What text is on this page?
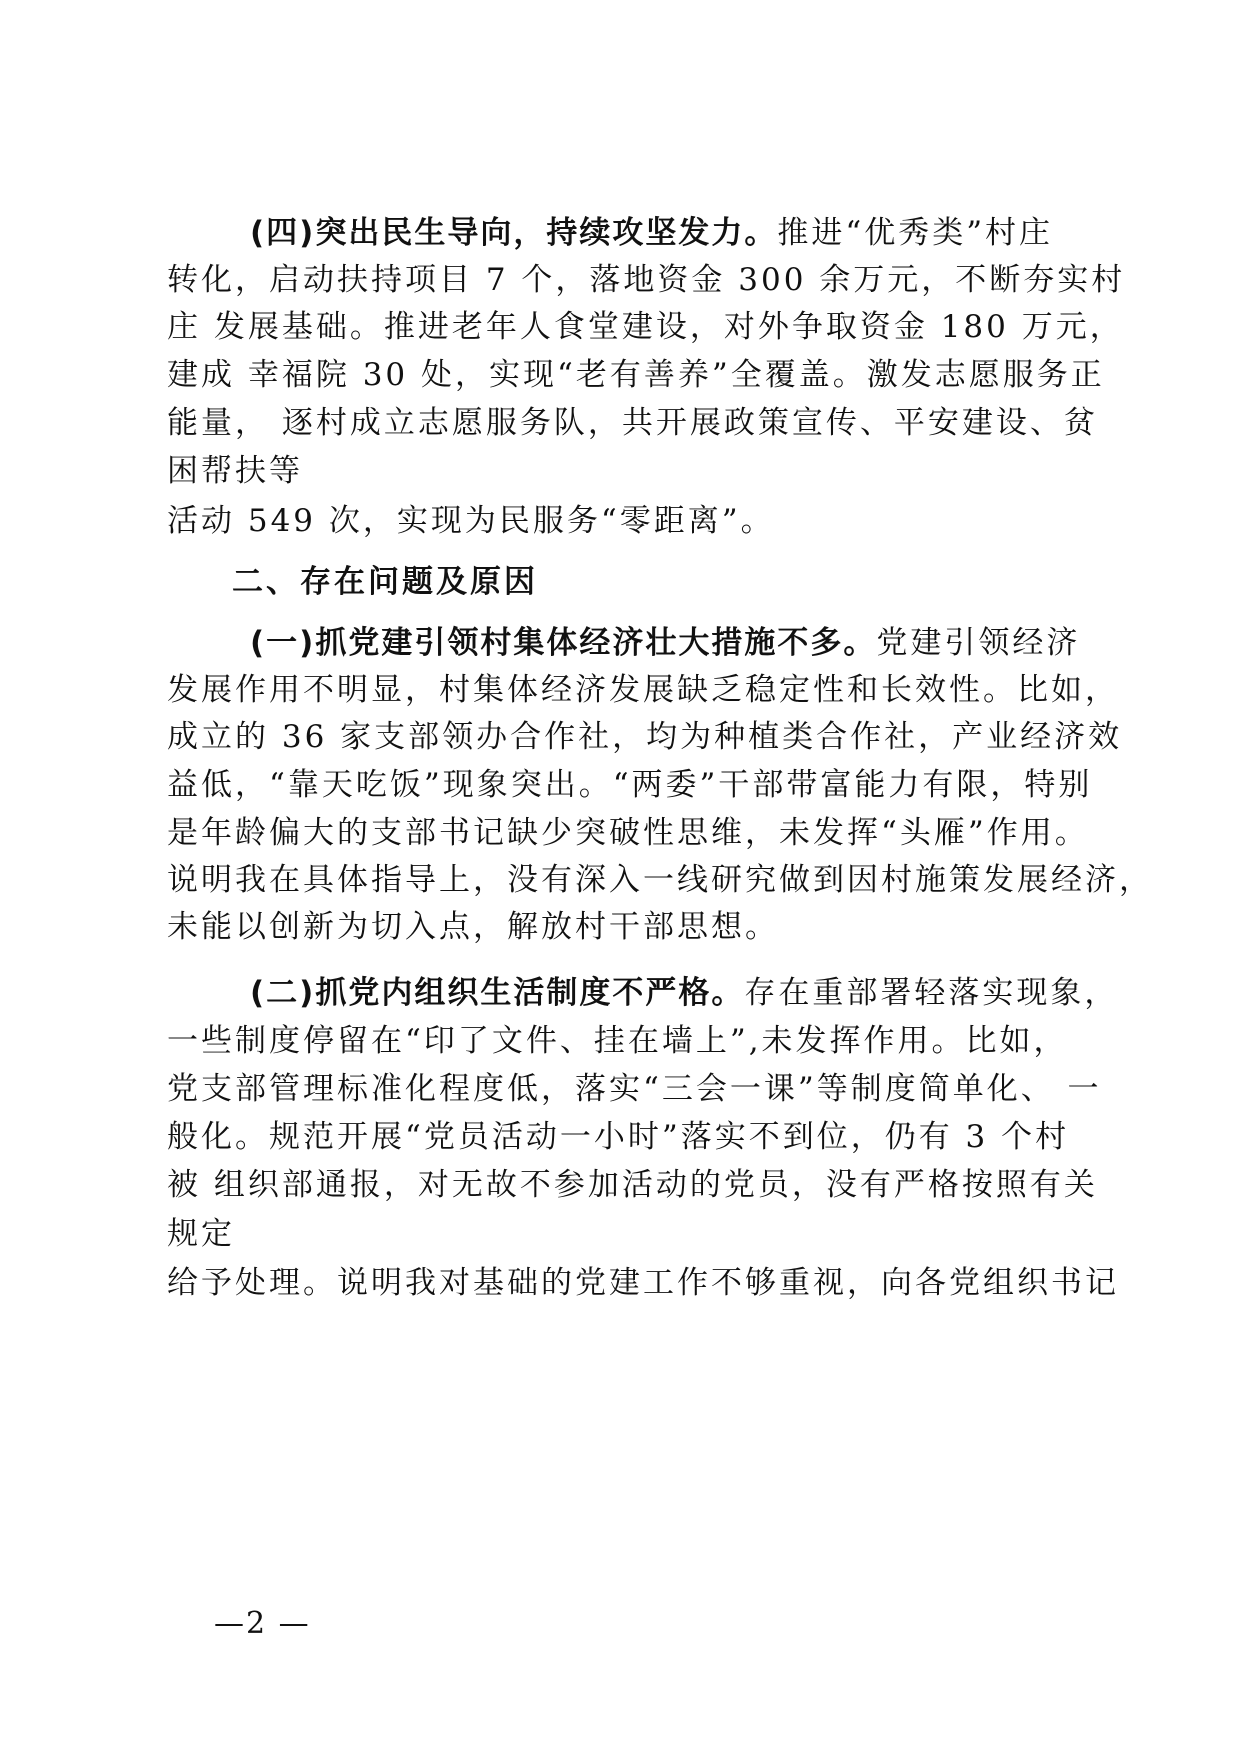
(四)突出民生导向，持续攻坚发力。推进“优秀类”村庄
转化，启动扶持项目 7 个，落地资金 300 余万元，不断夯实村
庄 发展基础。推进老年人食堂建设，对外争取资金 180 万元，
建成 幸福院 30 处，实现“老有善养”全覆盖。激发志愿服务正
能量， 逐村成立志愿服务队，共开展政策宣传、平安建设、贫
困帮扶等
活动 549 次，实现为民服务“零距离”。
二、存在问题及原因
(一)抓党建引领村集体经济壮大措施不多。党建引领经济
发展作用不明显，村集体经济发展缺乏稳定性和长效性。比如，
成立的 36 家支部领办合作社，均为种植类合作社，产业经济效
益低，“靠天吃饭”现象突出。“两委”干部带富能力有限，特别
是年龄偏大的支部书记缺少突破性思维，未发挥“头雁”作用。
说明我在具体指导上，没有深入一线研究做到因村施策发展经济，
未能以创新为切入点，解放村干部思想。
(二)抓党内组织生活制度不严格。存在重部署轻落实现象，
一些制度停留在“印了文件、挂在墙上”,未发挥作用。比如，
党支部管理标准化程度低，落实“三会一课”等制度简单化、 一
般化。规范开展“党员活动一小时”落实不到位，仍有 3 个村
被 组织部通报，对无故不参加活动的党员，没有严格按照有关
规定
给予处理。说明我对基础的党建工作不够重视，向各党组织书记
—2 —
